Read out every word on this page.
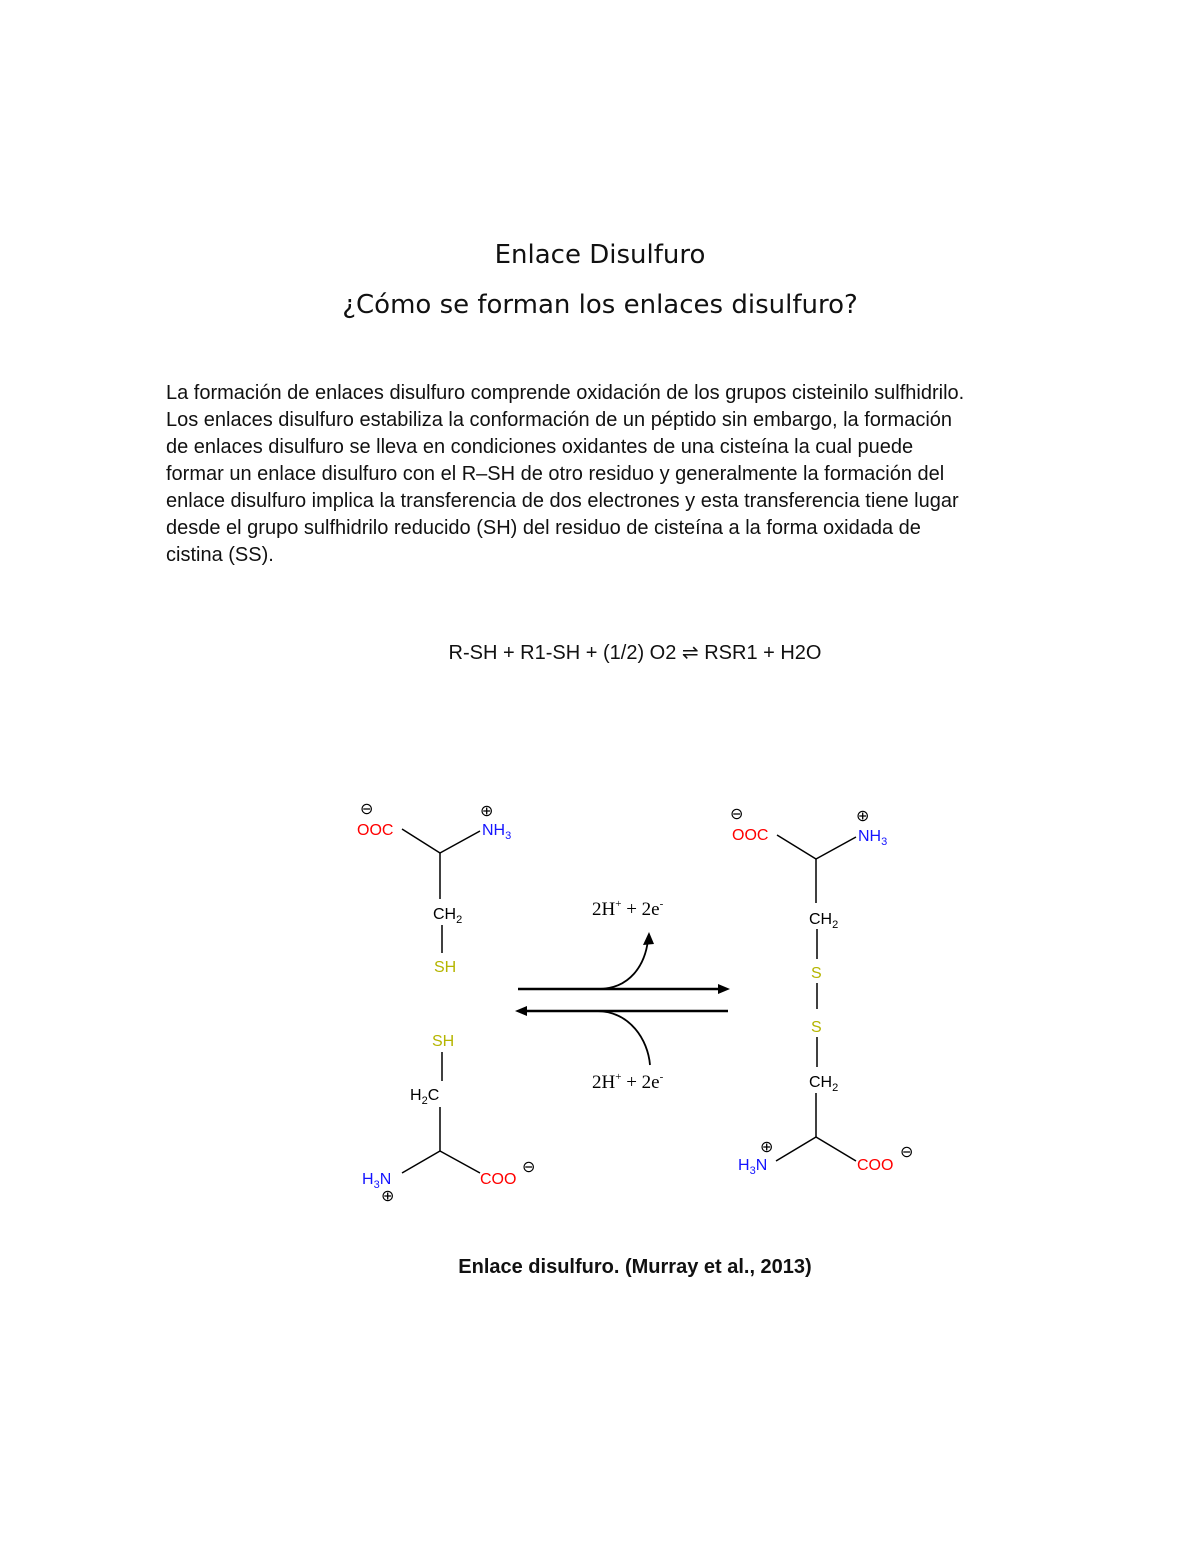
Enlace Disulfuro
¿Cómo se forman los enlaces disulfuro?

La formación de enlaces disulfuro comprende oxidación de los grupos cisteinilo sulfhidrilo.
Los enlaces disulfuro estabiliza la conformación de un péptido sin embargo, la formación
de enlaces disulfuro se lleva en condiciones oxidantes de una cisteína la cual puede
formar un enlace disulfuro con el R–SH de otro residuo y generalmente la formación del
enlace disulfuro implica la transferencia de dos electrones y esta transferencia tiene lugar
desde el grupo sulfhidrilo reducido (SH) del residuo de cisteína a la forma oxidada de
cistina (SS).

R-SH + R1-SH + (1/2) O2 ⇌ RSR1 + H2O

⊖
OOC
⊕
$NH_3$
$CH_2$
SH
SH
$H_2C$
$H_3N$
⊕
COO
⊖
2H+ + 2e-
2H+ + 2e-
⊖
OOC
⊕
$NH_3$
$CH_2$
S
S
$CH_2$
⊕
$H_3N$	COO
⊖

Enlace disulfuro. (Murray et al., 2013)
